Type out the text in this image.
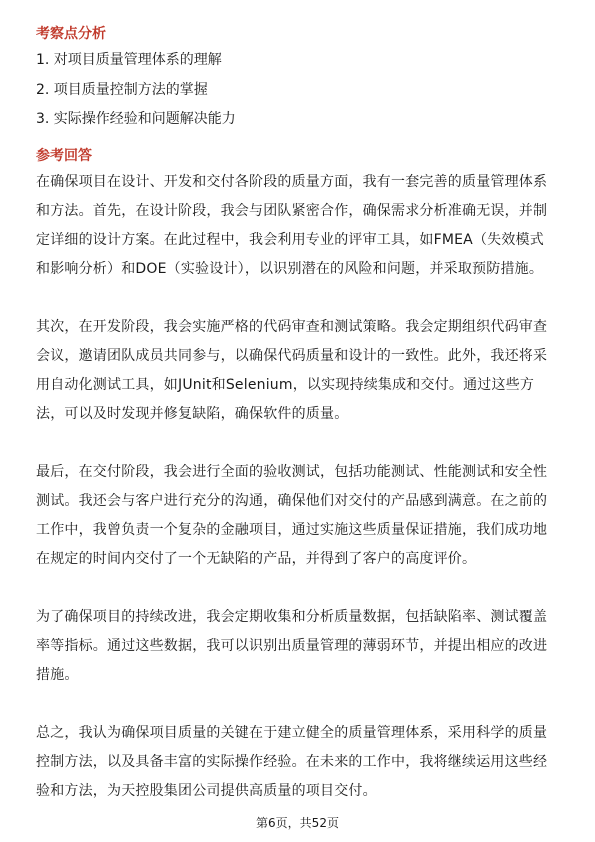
考察点分析
1. 对项目质量管理体系的理解
2. 项目质量控制方法的掌握
3. 实际操作经验和问题解决能力
参考回答

在确保项目在设计、开发和交付各阶段的质量方面，我有一套完善的质量管理体系
和方法。首先，在设计阶段，我会与团队紧密合作，确保需求分析准确无误，并制
定详细的设计方案。在此过程中，我会利用专业的评审工具，如FMEA（失效模式
和影响分析）和DOE（实验设计），以识别潜在的风险和问题，并采取预防措施。

其次，在开发阶段，我会实施严格的代码审查和测试策略。我会定期组织代码审查
会议，邀请团队成员共同参与，以确保代码质量和设计的一致性。此外，我还将采
用自动化测试工具，如JUnit和Selenium，以实现持续集成和交付。通过这些方
法，可以及时发现并修复缺陷，确保软件的质量。

最后，在交付阶段，我会进行全面的验收测试，包括功能测试、性能测试和安全性
测试。我还会与客户进行充分的沟通，确保他们对交付的产品感到满意。在之前的
工作中，我曾负责一个复杂的金融项目，通过实施这些质量保证措施，我们成功地
在规定的时间内交付了一个无缺陷的产品，并得到了客户的高度评价。

为了确保项目的持续改进，我会定期收集和分析质量数据，包括缺陷率、测试覆盖
率等指标。通过这些数据，我可以识别出质量管理的薄弱环节，并提出相应的改进
措施。

总之，我认为确保项目质量的关键在于建立健全的质量管理体系，采用科学的质量
控制方法，以及具备丰富的实际操作经验。在未来的工作中，我将继续运用这些经
验和方法，为天控股集团公司提供高质量的项目交付。

第6页，共52页
